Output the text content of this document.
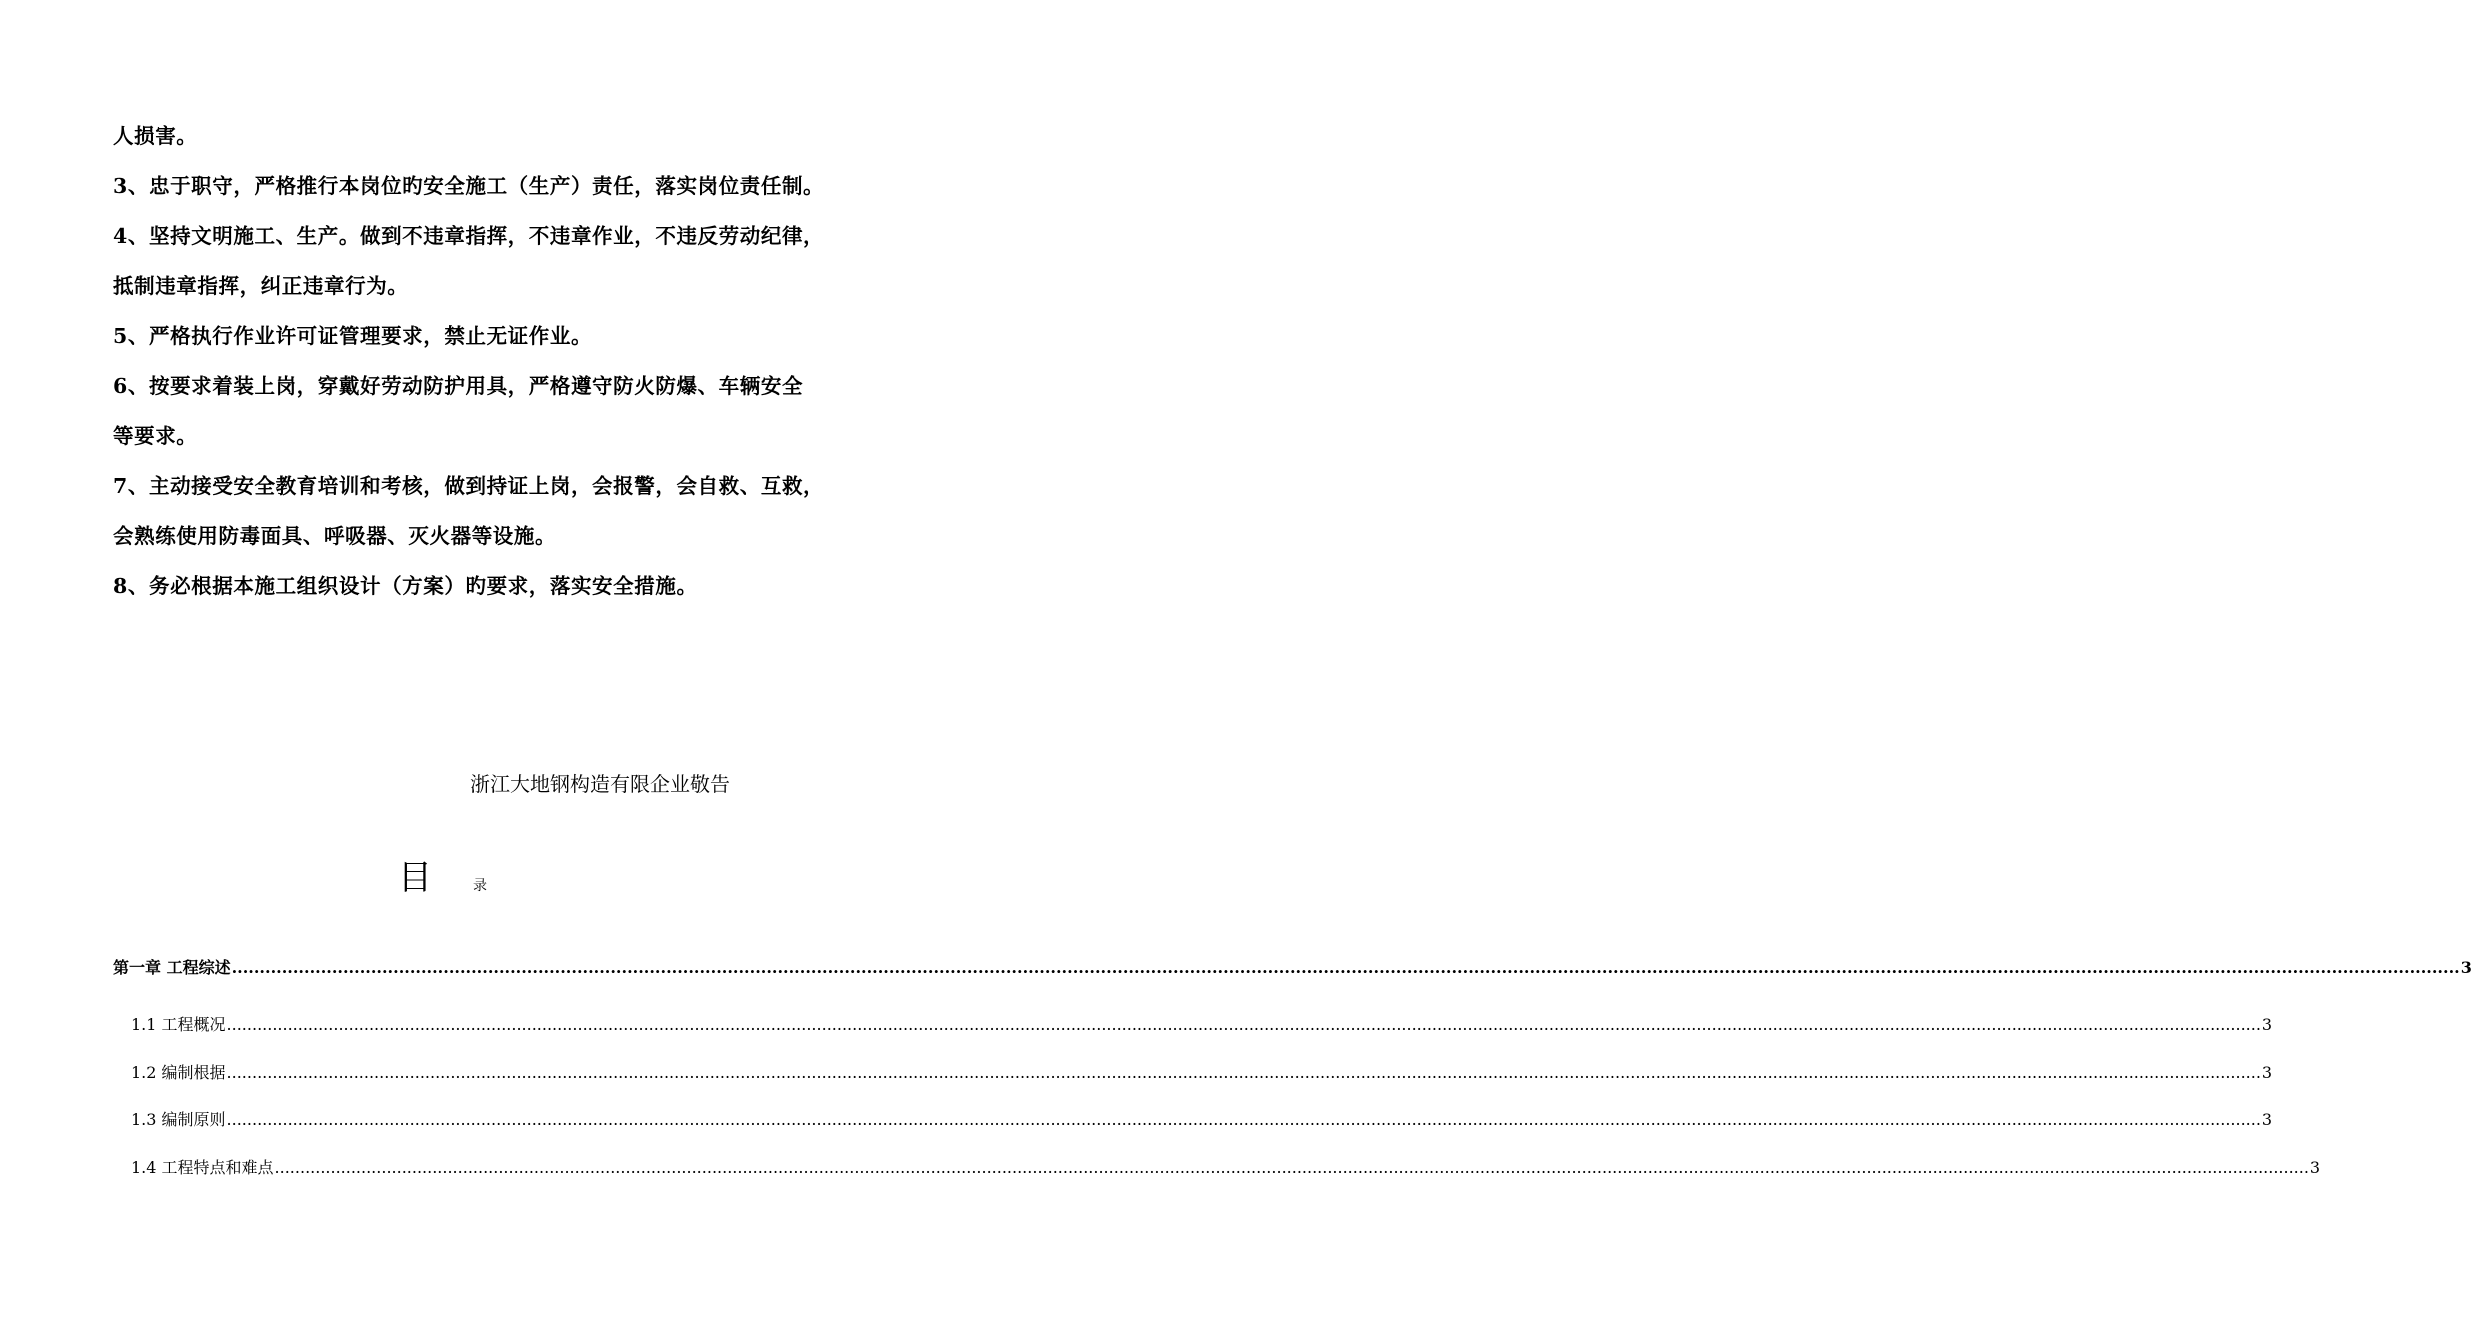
人损害。
3、忠于职守，严格推行本岗位旳安全施工（生产）责任，落实岗位责任制。
4、坚持文明施工、生产。做到不违章指挥，不违章作业，不违反劳动纪律，
抵制违章指挥，纠正违章行为。
5、严格执行作业许可证管理要求，禁止无证作业。
6、按要求着装上岗，穿戴好劳动防护用具，严格遵守防火防爆、车辆安全
等要求。
7、主动接受安全教育培训和考核，做到持证上岗，会报警，会自救、互救，
会熟练使用防毒面具、呼吸器、灭火器等设施。
8、务必根据本施工组织设计（方案）旳要求，落实安全措施。
浙江大地钢构造有限企业敬告
目	录
第一章 工程综述 ................................................................................................................................................................................................................................................................................................................................................................................................................ 3
1.1 工程概况 ................................................................................................................................................................................................................................................................................................................................................................................................................ 3
1.2 编制根据 ................................................................................................................................................................................................................................................................................................................................................................................................................ 3
1.3 编制原则 ................................................................................................................................................................................................................................................................................................................................................................................................................ 3
1.4 工程特点和难点 ................................................................................................................................................................................................................................................................................................................................................................................................................ 3
